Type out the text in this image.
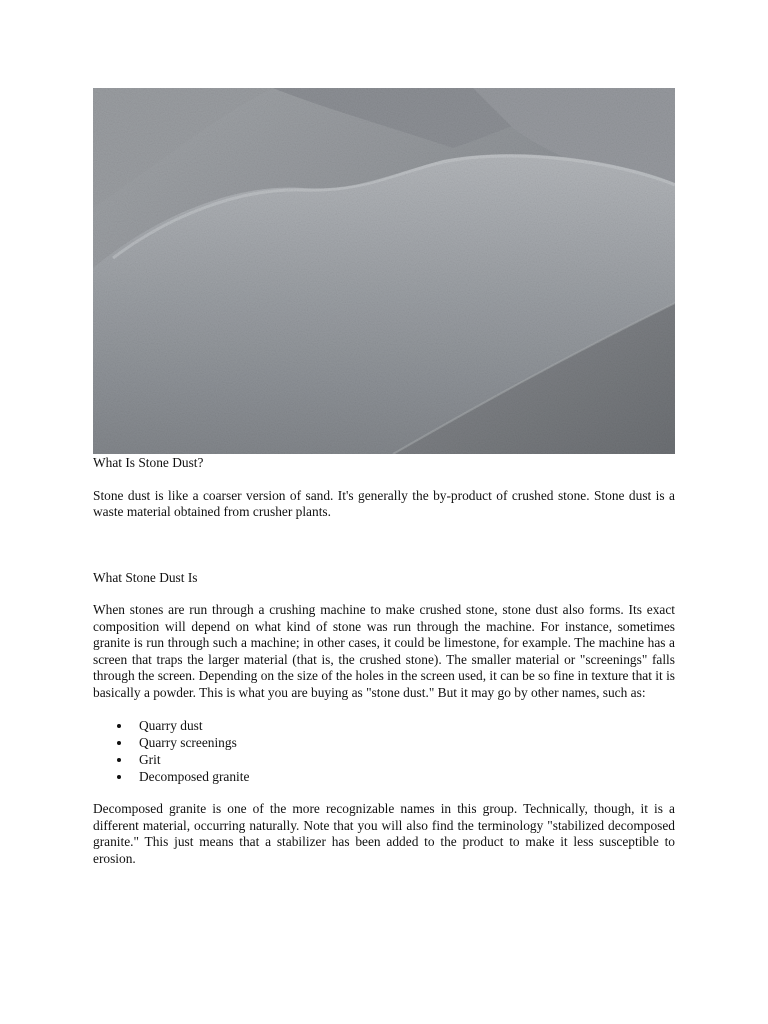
What Is Stone Dust?

Stone dust is like a coarser version of sand. It's generally the by-product of crushed stone. Stone dust is a waste material obtained from crusher plants.

What Stone Dust Is

When stones are run through a crushing machine to make crushed stone, stone dust also forms. Its exact composition will depend on what kind of stone was run through the machine. For instance, sometimes granite is run through such a machine; in other cases, it could be limestone, for example. The machine has a screen that traps the larger material (that is, the crushed stone). The smaller material or "screenings" falls through the screen. Depending on the size of the holes in the screen used, it can be so fine in texture that it is basically a powder. This is what you are buying as "stone dust." But it may go by other names, such as:

Quarry dust
Quarry screenings
Grit
Decomposed granite

Decomposed granite is one of the more recognizable names in this group. Technically, though, it is a different material, occurring naturally. Note that you will also find the terminology "stabilized decomposed granite." This just means that a stabilizer has been added to the product to make it less susceptible to erosion.
